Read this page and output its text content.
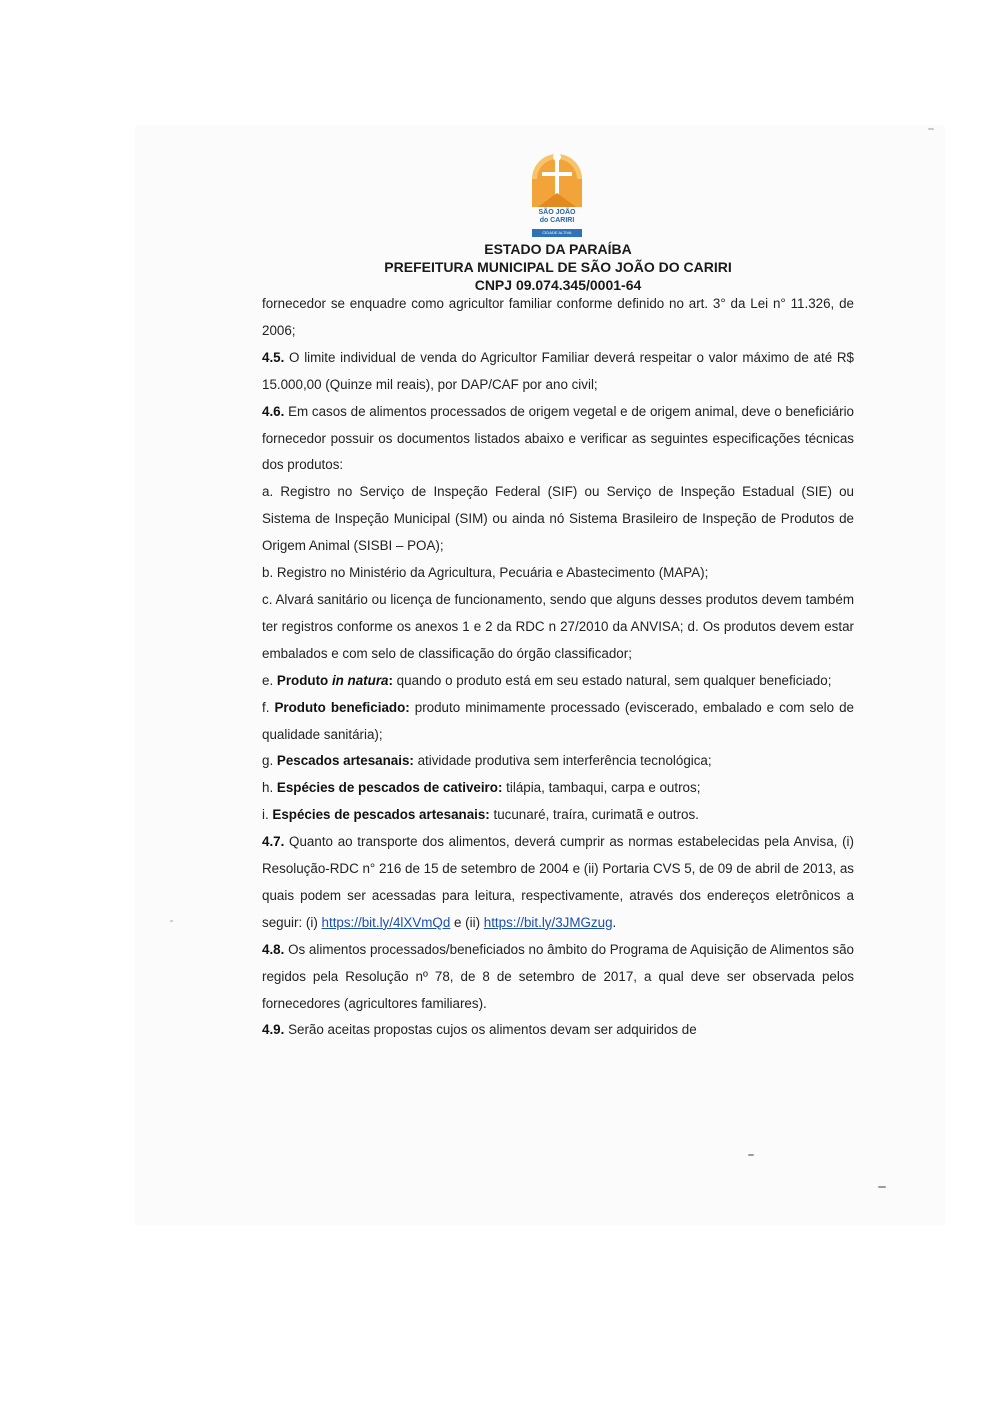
SÃO JOÃO
do CARIRI
CIDADE ALTIVA
ESTADO DA PARAÍBA
PREFEITURA MUNICIPAL DE SÃO JOÃO DO CARIRI
CNPJ 09.074.345/0001-64

fornecedor se enquadre como agricultor familiar conforme definido no art. 3° da Lei n° 11.326, de 2006;

4.5. O limite individual de venda do Agricultor Familiar deverá respeitar o valor máximo de até R$ 15.000,00 (Quinze mil reais), por DAP/CAF por ano civil;

4.6. Em casos de alimentos processados de origem vegetal e de origem animal, deve o beneficiário fornecedor possuir os documentos listados abaixo e verificar as seguintes especificações técnicas dos produtos:

a. Registro no Serviço de Inspeção Federal (SIF) ou Serviço de Inspeção Estadual (SIE) ou Sistema de Inspeção Municipal (SIM) ou ainda nó Sistema Brasileiro de Inspeção de Produtos de Origem Animal (SISBI – POA);

b. Registro no Ministério da Agricultura, Pecuária e Abastecimento (MAPA);

c. Alvará sanitário ou licença de funcionamento, sendo que alguns desses produtos devem também ter registros conforme os anexos 1 e 2 da RDC n 27/2010 da ANVISA; d. Os produtos devem estar embalados e com selo de classificação do órgão classificador;

e. Produto in natura: quando o produto está em seu estado natural, sem qualquer beneficiado;

f. Produto beneficiado: produto minimamente processado (eviscerado, embalado e com selo de qualidade sanitária);

g. Pescados artesanais: atividade produtiva sem interferência tecnológica;

h. Espécies de pescados de cativeiro: tilápia, tambaqui, carpa e outros;

i. Espécies de pescados artesanais: tucunaré, traíra, curimatã e outros.

4.7. Quanto ao transporte dos alimentos, deverá cumprir as normas estabelecidas pela Anvisa, (i) Resolução-RDC n° 216 de 15 de setembro de 2004 e (ii) Portaria CVS 5, de 09 de abril de 2013, as quais podem ser acessadas para leitura, respectivamente, através dos endereços eletrônicos a seguir: (i) https://bit.ly/4lXVmQd e (ii) https://bit.ly/3JMGzug.

4.8. Os alimentos processados/beneficiados no âmbito do Programa de Aquisição de Alimentos são regidos pela Resolução nº 78, de 8 de setembro de 2017, a qual deve ser observada pelos fornecedores (agricultores familiares).

4.9. Serão aceitas propostas cujos os alimentos devam ser adquiridos de
